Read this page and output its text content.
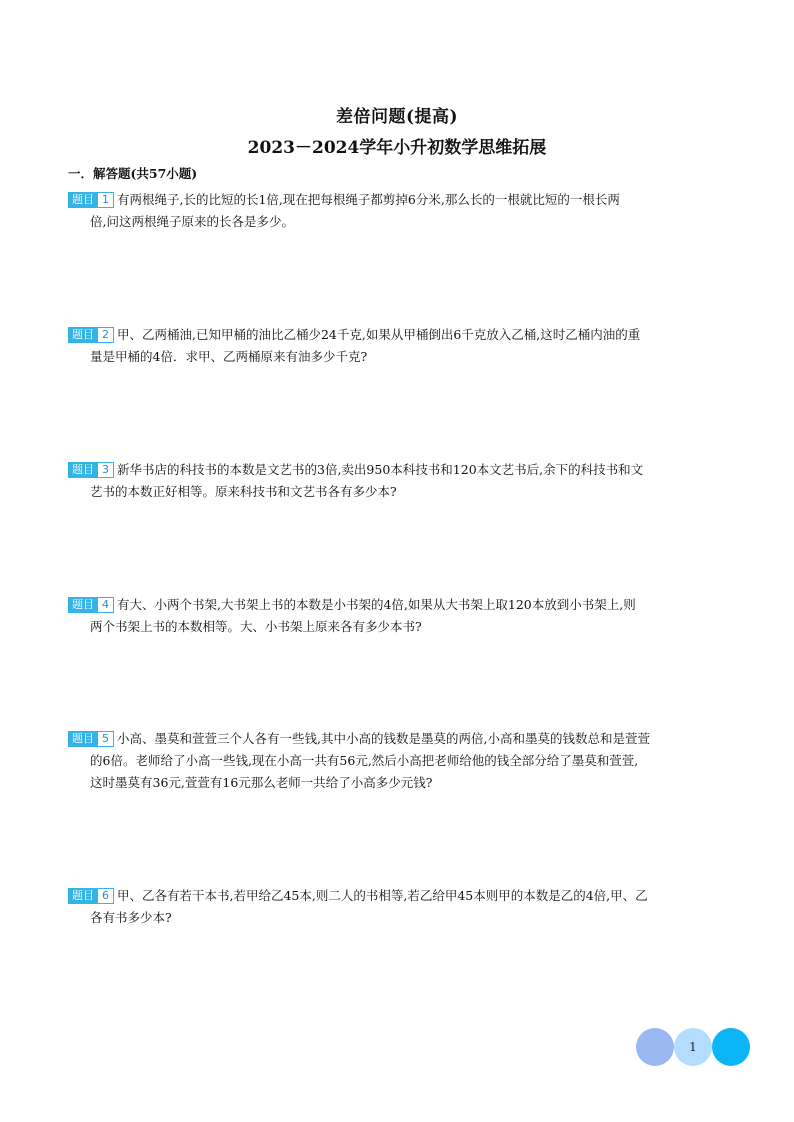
差倍问题(提高)
2023－2024学年小升初数学思维拓展
一．解答题(共57小题)

题目 1 有两根绳子,长的比短的长1倍,现在把每根绳子都剪掉6分米,那么长的一根就比短的一根长两

倍,问这两根绳子原来的长各是多少。

题目 2 甲、乙两桶油,已知甲桶的油比乙桶少24千克,如果从甲桶倒出6千克放入乙桶,这时乙桶内油的重

量是甲桶的4倍．求甲、乙两桶原来有油多少千克?

题目 3 新华书店的科技书的本数是文艺书的3倍,卖出950本科技书和120本文艺书后,余下的科技书和文

艺书的本数正好相等。原来科技书和文艺书各有多少本?

题目 4 有大、小两个书架,大书架上书的本数是小书架的4倍,如果从大书架上取120本放到小书架上,则

两个书架上书的本数相等。大、小书架上原来各有多少本书?

题目 5 小高、墨莫和萱萱三个人各有一些钱,其中小高的钱数是墨莫的两倍,小高和墨莫的钱数总和是萱萱

的6倍。老师给了小高一些钱,现在小高一共有56元,然后小高把老师给他的钱全部分给了墨莫和萱萱,

这时墨莫有36元,萱萱有16元那么老师一共给了小高多少元钱?

题目 6 甲、乙各有若干本书,若甲给乙45本,则二人的书相等,若乙给甲45本则甲的本数是乙的4倍,甲、乙

各有书多少本?

1
